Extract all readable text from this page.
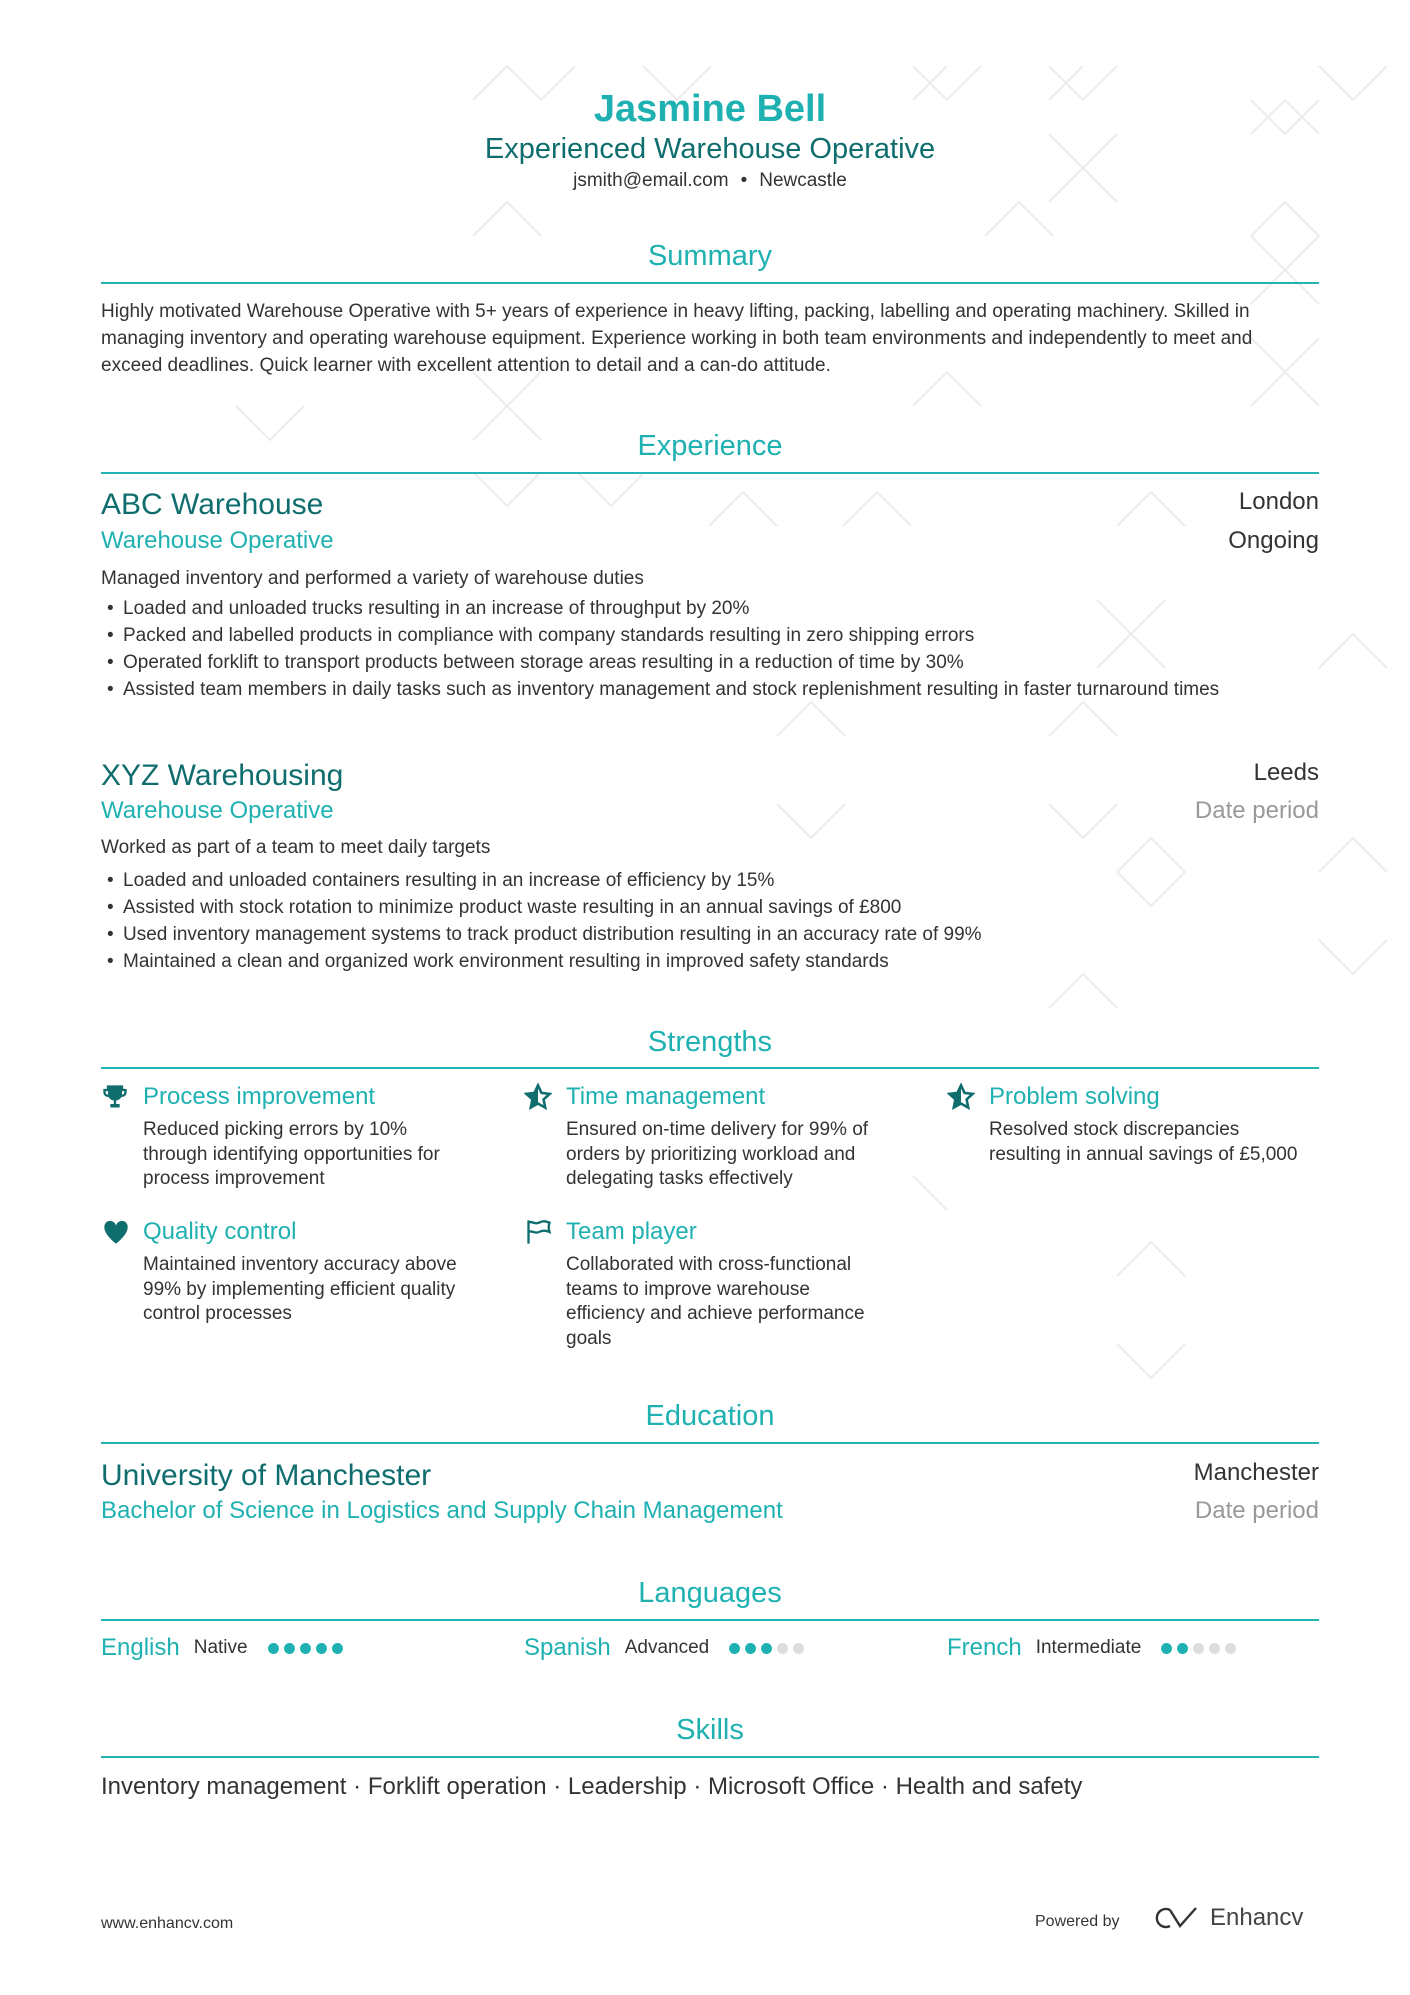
Jasmine Bell
Experienced Warehouse Operative
jsmith@email.com • Newcastle
Summary
Highly motivated Warehouse Operative with 5+ years of experience in heavy lifting, packing, labelling and operating machinery. Skilled in managing inventory and operating warehouse equipment. Experience working in both team environments and independently to meet and exceed deadlines. Quick learner with excellent attention to detail and a can-do attitude.
Experience
ABC Warehouse	London
Warehouse Operative	Ongoing
Managed inventory and performed a variety of warehouse duties
• Loaded and unloaded trucks resulting in an increase of throughput by 20%
• Packed and labelled products in compliance with company standards resulting in zero shipping errors
• Operated forklift to transport products between storage areas resulting in a reduction of time by 30%
• Assisted team members in daily tasks such as inventory management and stock replenishment resulting in faster turnaround times
XYZ Warehousing	Leeds
Warehouse Operative	Date period
Worked as part of a team to meet daily targets
• Loaded and unloaded containers resulting in an increase of efficiency by 15%
• Assisted with stock rotation to minimize product waste resulting in an annual savings of £800
• Used inventory management systems to track product distribution resulting in an accuracy rate of 99%
• Maintained a clean and organized work environment resulting in improved safety standards
Strengths
Process improvement
Reduced picking errors by 10% through identifying opportunities for process improvement
Time management
Ensured on-time delivery for 99% of orders by prioritizing workload and delegating tasks effectively
Problem solving
Resolved stock discrepancies resulting in annual savings of £5,000
Quality control
Maintained inventory accuracy above 99% by implementing efficient quality control processes
Team player
Collaborated with cross-functional teams to improve warehouse efficiency and achieve performance goals
Education
University of Manchester	Manchester
Bachelor of Science in Logistics and Supply Chain Management	Date period
Languages
English Native	Spanish Advanced	French Intermediate
Skills
Inventory management · Forklift operation · Leadership · Microsoft Office · Health and safety
www.enhancv.com	Powered by	Enhancv
